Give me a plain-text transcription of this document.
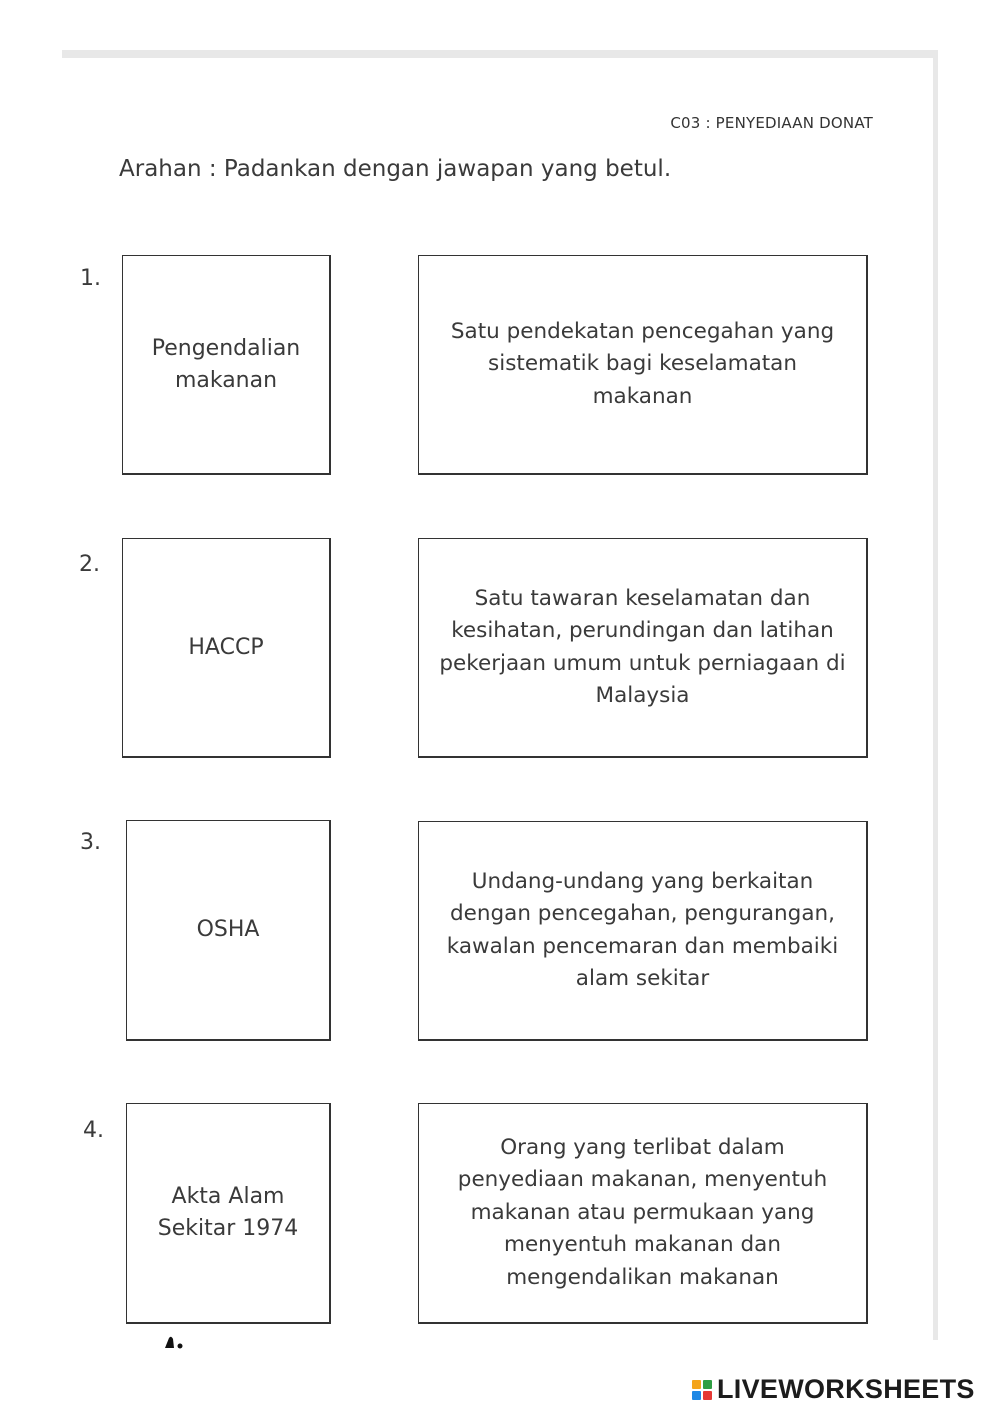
C03 : PENYEDIAAN DONAT
Arahan : Padankan dengan jawapan yang betul.
1.
Pengendalian makanan
Satu pendekatan pencegahan yang sistematik bagi keselamatan makanan
2.
HACCP
Satu tawaran keselamatan dan kesihatan, perundingan dan latihan pekerjaan umum untuk perniagaan di Malaysia
3.
OSHA
Undang-undang yang berkaitan dengan pencegahan, pengurangan, kawalan pencemaran dan membaiki alam sekitar
4.
Akta Alam Sekitar 1974
Orang yang terlibat dalam penyediaan makanan, menyentuh makanan atau permukaan yang menyentuh makanan dan mengendalikan makanan
LIVEWORKSHEETS
